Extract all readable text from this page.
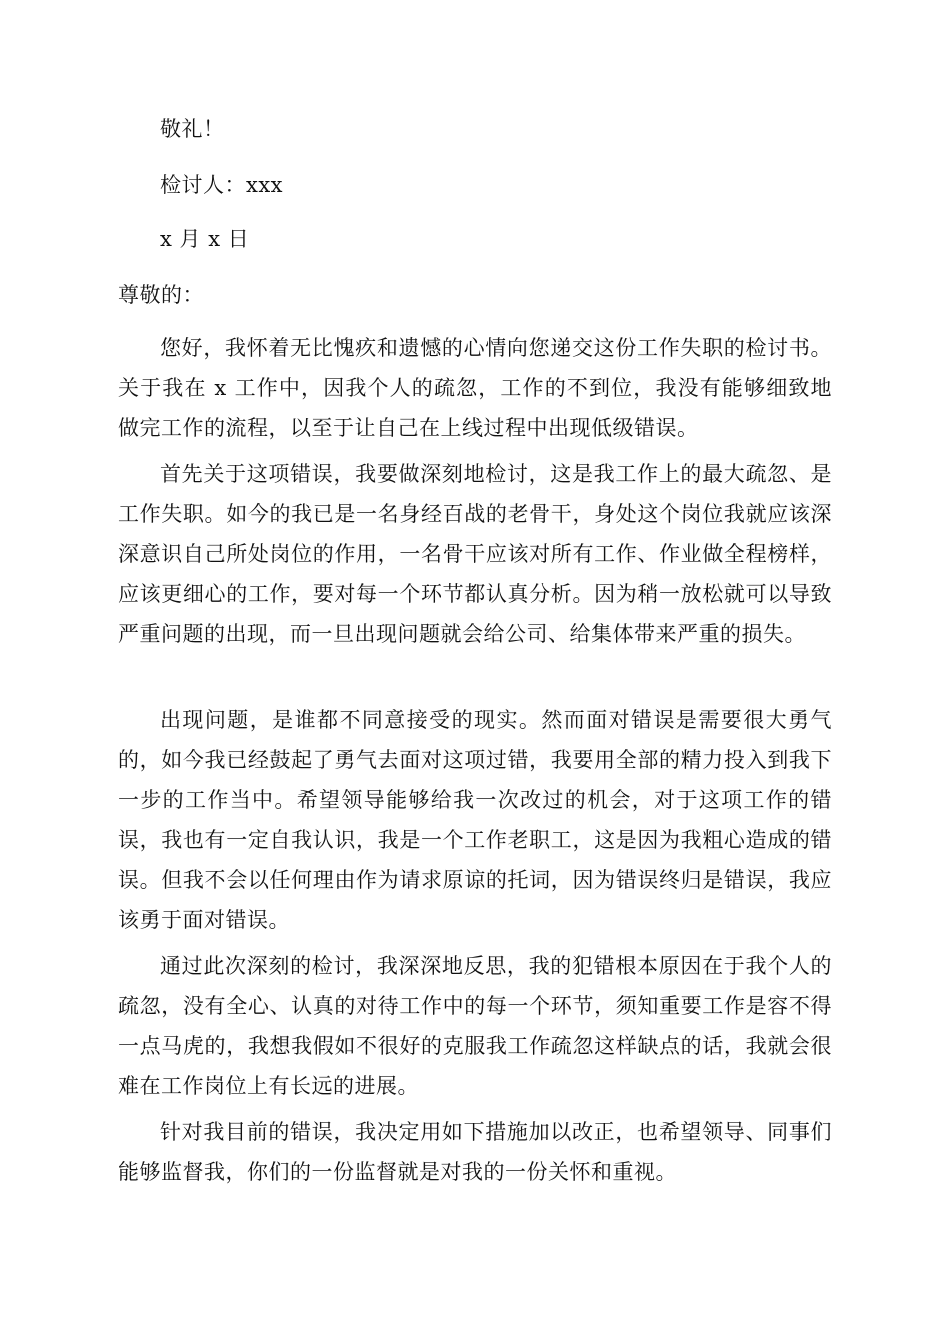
敬礼！
检讨人：xxx
x 月 x 日
尊敬的：

您好，我怀着无比愧疚和遗憾的心情向您递交这份工作失职的检讨书。关于我在 x 工作中，因我个人的疏忽，工作的不到位，我没有能够细致地做完工作的流程，以至于让自己在上线过程中出现低级错误。

首先关于这项错误，我要做深刻地检讨，这是我工作上的最大疏忽、是工作失职。如今的我已是一名身经百战的老骨干，身处这个岗位我就应该深深意识自己所处岗位的作用，一名骨干应该对所有工作、作业做全程榜样，应该更细心的工作，要对每一个环节都认真分析。因为稍一放松就可以导致严重问题的出现，而一旦出现问题就会给公司、给集体带来严重的损失。

出现问题，是谁都不同意接受的现实。然而面对错误是需要很大勇气的，如今我已经鼓起了勇气去面对这项过错，我要用全部的精力投入到我下一步的工作当中。希望领导能够给我一次改过的机会，对于这项工作的错误，我也有一定自我认识，我是一个工作老职工，这是因为我粗心造成的错误。但我不会以任何理由作为请求原谅的托词，因为错误终归是错误，我应该勇于面对错误。

通过此次深刻的检讨，我深深地反思，我的犯错根本原因在于我个人的疏忽，没有全心、认真的对待工作中的每一个环节，须知重要工作是容不得一点马虎的，我想我假如不很好的克服我工作疏忽这样缺点的话，我就会很难在工作岗位上有长远的进展。

针对我目前的错误，我决定用如下措施加以改正，也希望领导、同事们能够监督我，你们的一份监督就是对我的一份关怀和重视。
